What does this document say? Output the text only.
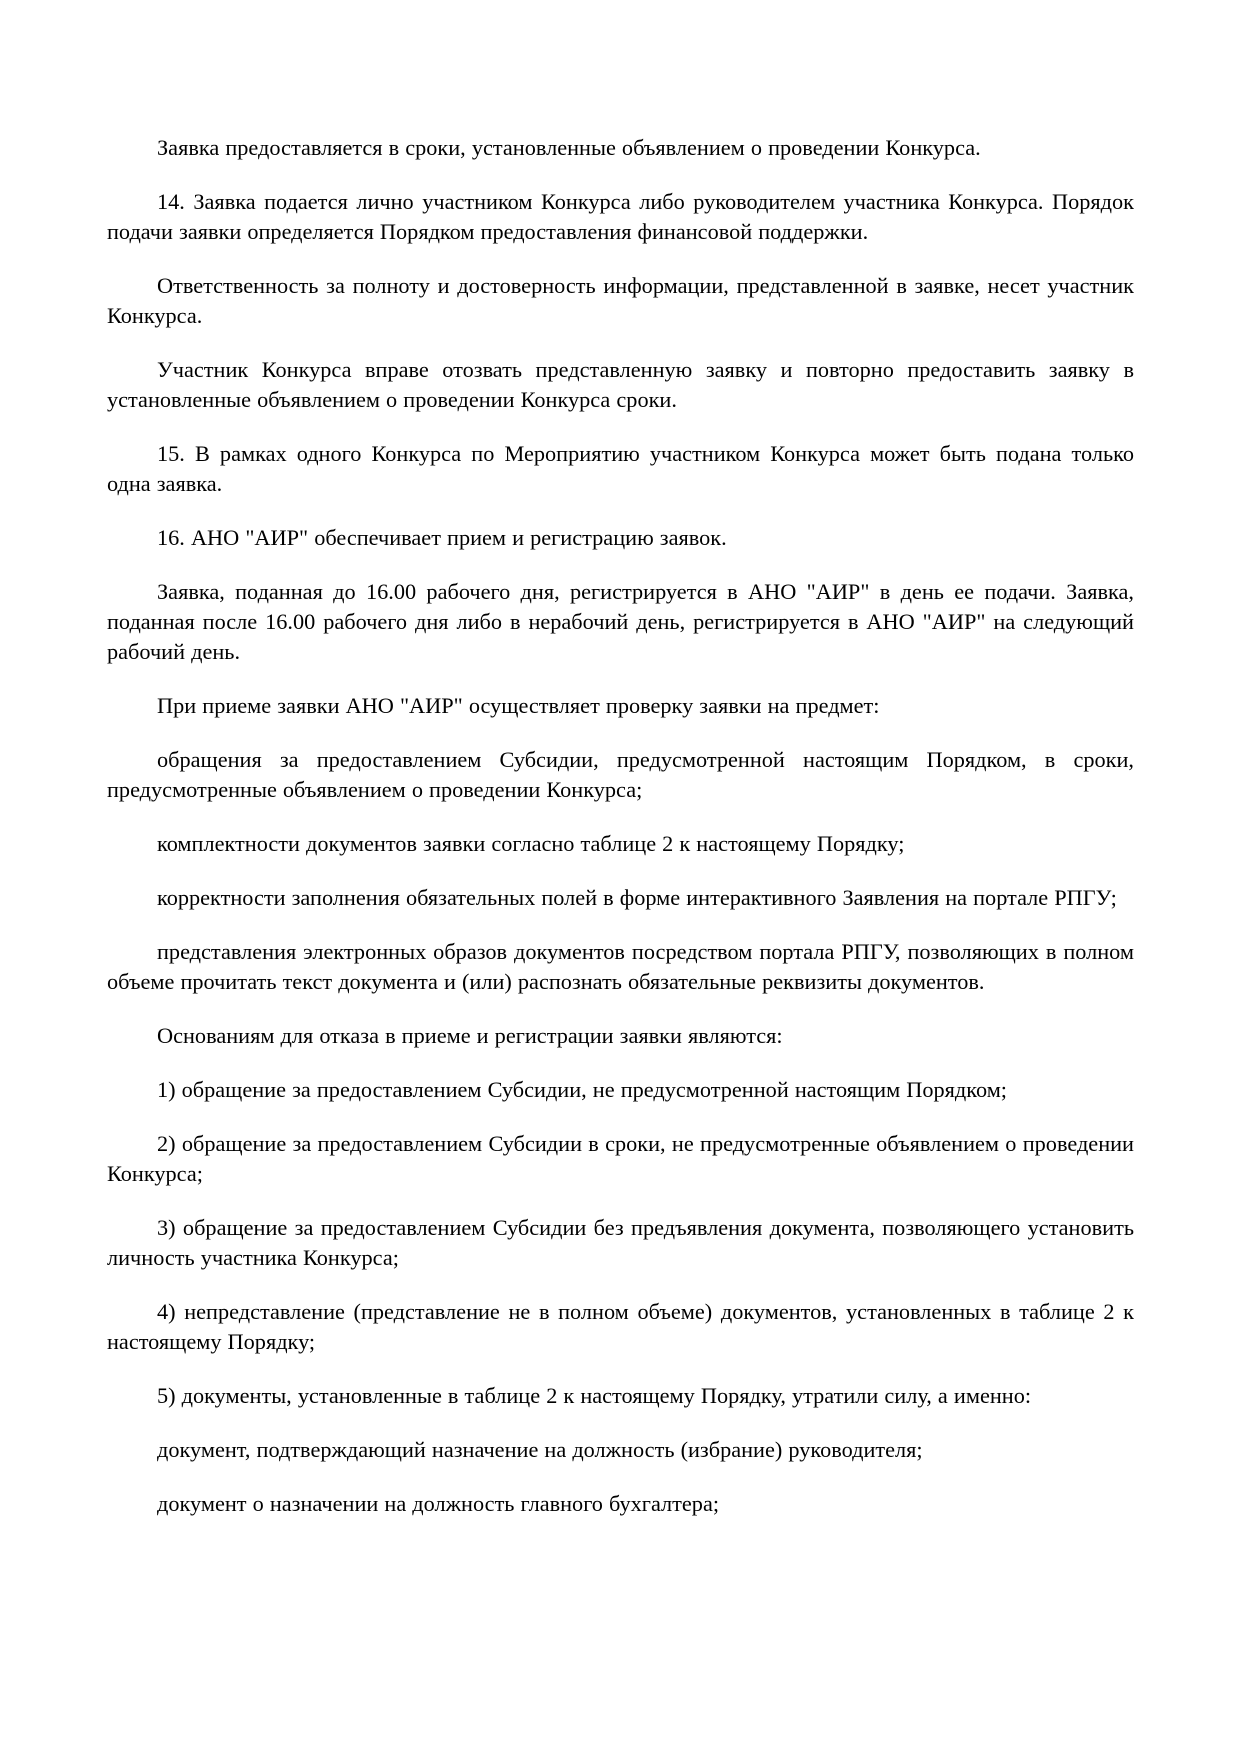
Заявка предоставляется в сроки, установленные объявлением о проведении Конкурса.

14. Заявка подается лично участником Конкурса либо руководителем участника Конкурса. Порядок подачи заявки определяется Порядком предоставления финансовой поддержки.

Ответственность за полноту и достоверность информации, представленной в заявке, несет участник Конкурса.

Участник Конкурса вправе отозвать представленную заявку и повторно предоставить заявку в установленные объявлением о проведении Конкурса сроки.

15. В рамках одного Конкурса по Мероприятию участником Конкурса может быть подана только одна заявка.

16. АНО "АИР" обеспечивает прием и регистрацию заявок.

Заявка, поданная до 16.00 рабочего дня, регистрируется в АНО "АИР" в день ее подачи. Заявка, поданная после 16.00 рабочего дня либо в нерабочий день, регистрируется в АНО "АИР" на следующий рабочий день.

При приеме заявки АНО "АИР" осуществляет проверку заявки на предмет:

обращения за предоставлением Субсидии, предусмотренной настоящим Порядком, в сроки, предусмотренные объявлением о проведении Конкурса;

комплектности документов заявки согласно таблице 2 к настоящему Порядку;

корректности заполнения обязательных полей в форме интерактивного Заявления на портале РПГУ;

представления электронных образов документов посредством портала РПГУ, позволяющих в полном объеме прочитать текст документа и (или) распознать обязательные реквизиты документов.

Основаниям для отказа в приеме и регистрации заявки являются:

1) обращение за предоставлением Субсидии, не предусмотренной настоящим Порядком;

2) обращение за предоставлением Субсидии в сроки, не предусмотренные объявлением о проведении Конкурса;

3) обращение за предоставлением Субсидии без предъявления документа, позволяющего установить личность участника Конкурса;

4) непредставление (представление не в полном объеме) документов, установленных в таблице 2 к настоящему Порядку;

5) документы, установленные в таблице 2 к настоящему Порядку, утратили силу, а именно:

документ, подтверждающий назначение на должность (избрание) руководителя;

документ о назначении на должность главного бухгалтера;
